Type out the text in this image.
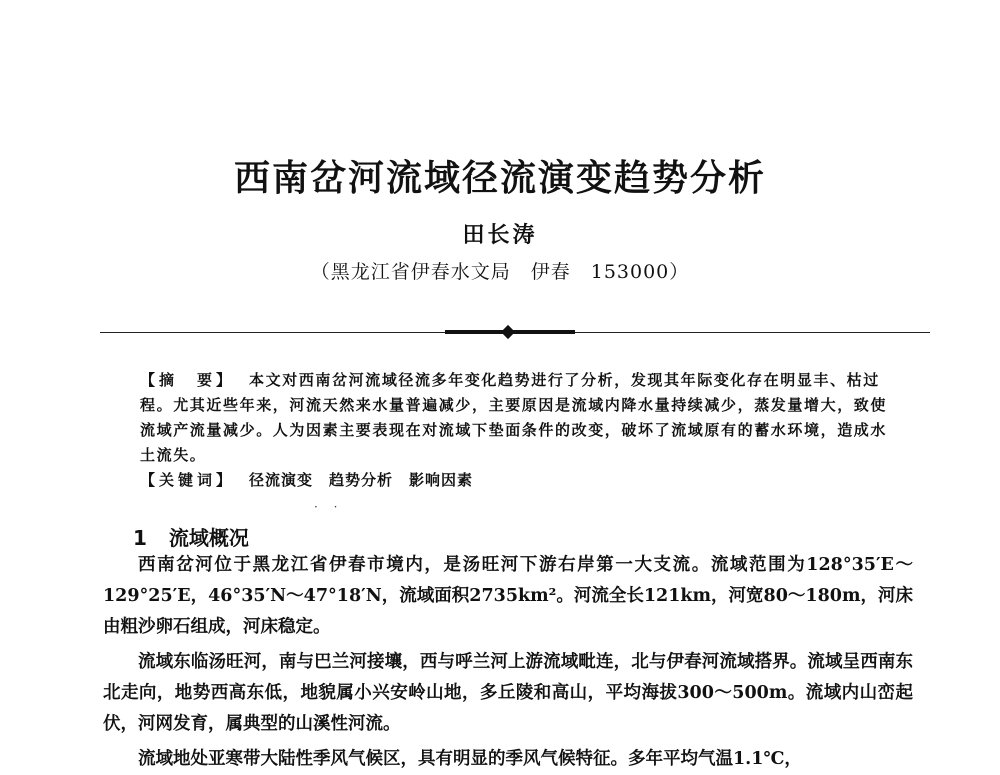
西南岔河流域径流演变趋势分析
田长涛
（黑龙江省伊春水文局　伊春　153000）

【摘　要】 本文对西南岔河流域径流多年变化趋势进行了分析，发现其年际变化存在明显丰、枯过程。尤其近些年来，河流天然来水量普遍减少，主要原因是流域内降水量持续减少，蒸发量增大，致使流域产流量减少。人为因素主要表现在对流域下垫面条件的改变，破坏了流域原有的蓄水环境，造成水土流失。

【关键词】 径流演变 趋势分析 影响因素

· ·
1 流域概况

西南岔河位于黑龙江省伊春市境内，是汤旺河下游右岸第一大支流。流域范围为128°35′E～129°25′E，46°35′N～47°18′N，流域面积2735km²。河流全长121km，河宽80～180m，河床由粗沙卵石组成，河床稳定。

流域东临汤旺河，南与巴兰河接壤，西与呼兰河上游流域毗连，北与伊春河流域搭界。流域呈西南东北走向，地势西高东低，地貌属小兴安岭山地，多丘陵和高山，平均海拔300～500m。流域内山峦起伏，河网发育，属典型的山溪性河流。

流域地处亚寒带大陆性季风气候区，具有明显的季风气候特征。多年平均气温1.1℃，
